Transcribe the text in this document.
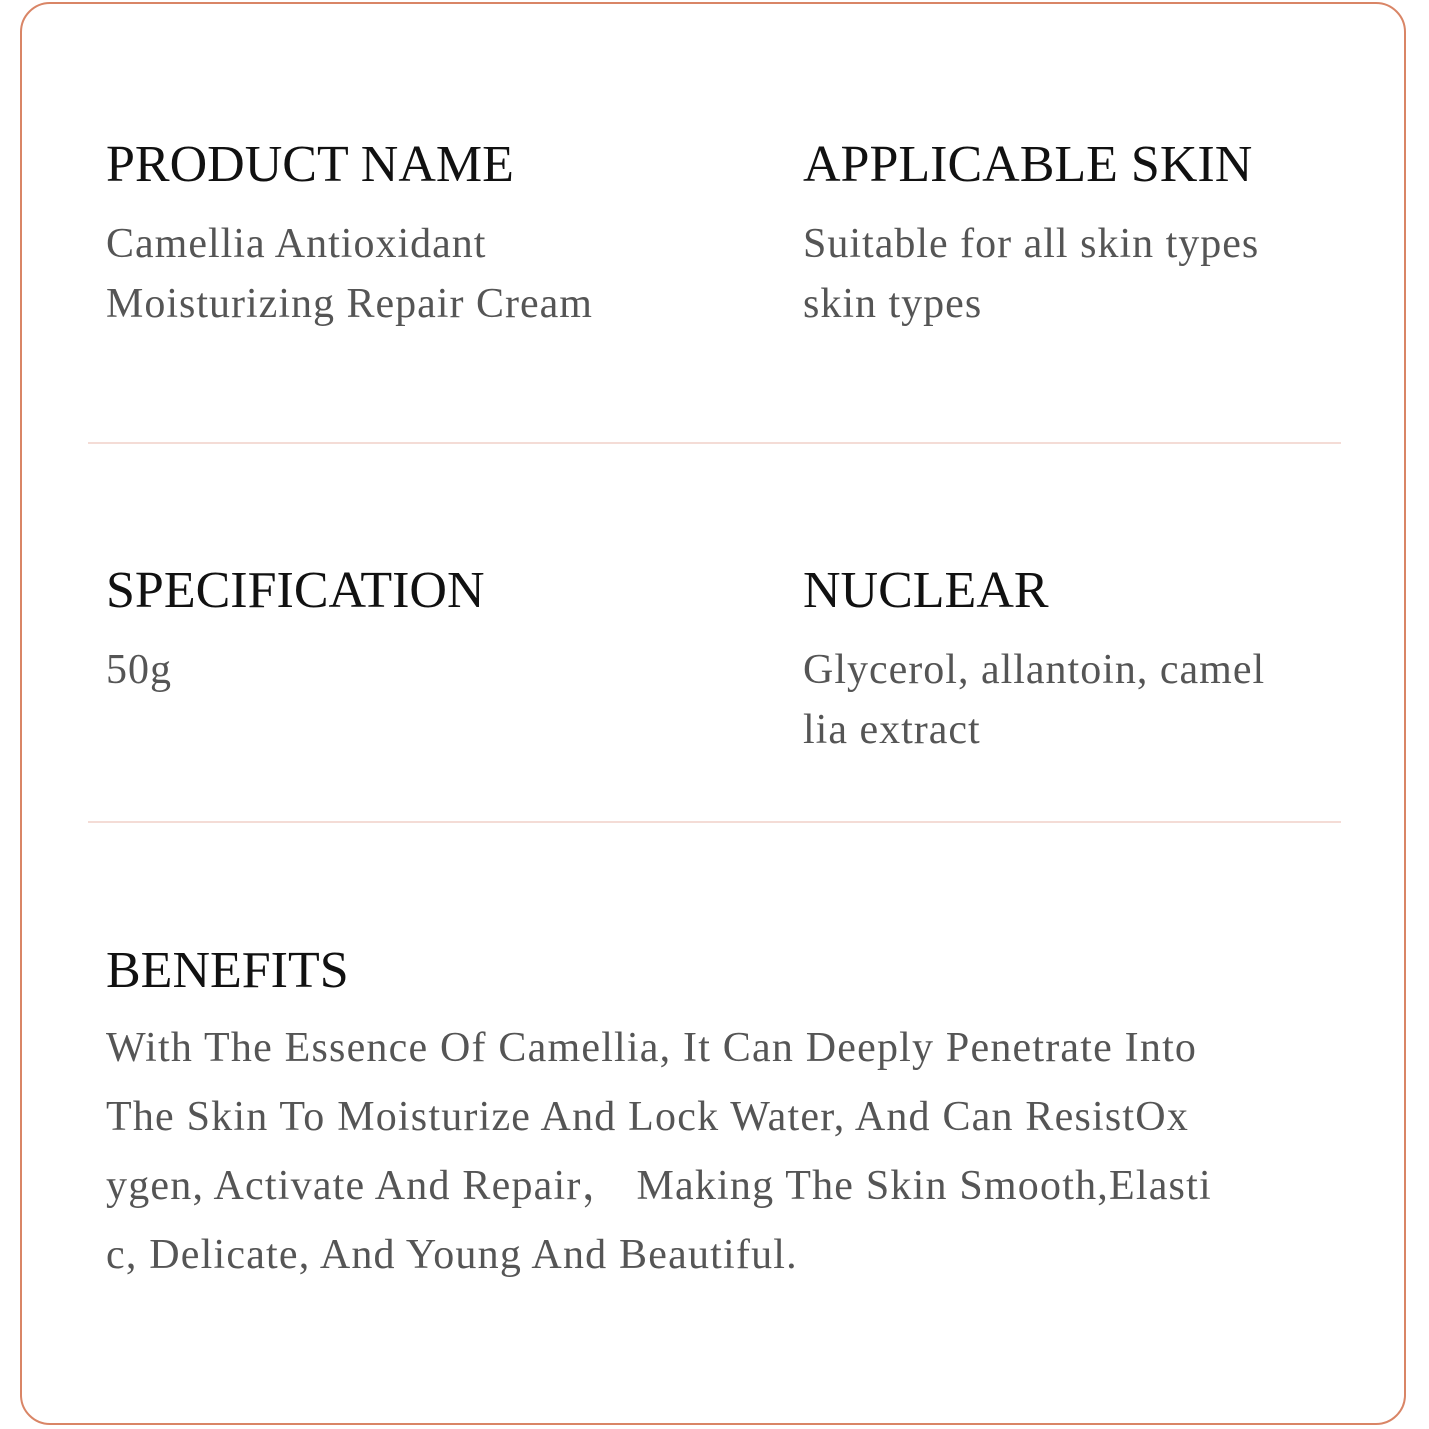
PRODUCT NAME
Camellia Antioxidant
Moisturizing Repair Cream
APPLICABLE SKIN
Suitable for all skin types
skin types
SPECIFICATION
50g
NUCLEAR
Glycerol, allantoin, camel
lia extract
BENEFITS
With The Essence Of Camellia, It Can Deeply Penetrate Into
The Skin To Moisturize And Lock Water, And Can ResistOx
ygen, Activate And Repair， Making The Skin Smooth,Elasti
c, Delicate, And Young And Beautiful.
